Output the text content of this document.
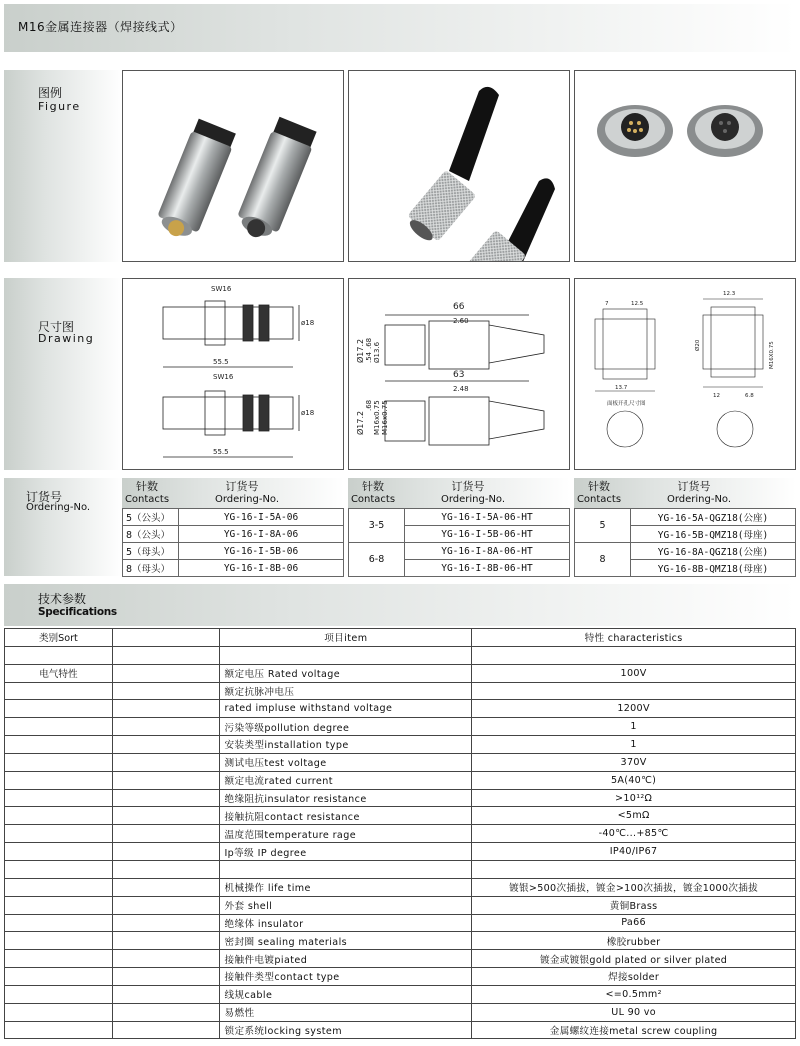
M16金属连接器（焊接线式）
图例
Figure
尺寸图
Drawing
SW16
55.5
ø18
SW16
55.5
ø18
66
2.60
63
2.48
Ø17.2 .68 Ø13.6
.54
M16x0.75
Ø17.2
.68 M16x0.75
12.3
7	12.5
13.7
12	6.8
M16X0.75
面板开孔尺寸图
Ø20
订货号
Ordering-No.
针数
Contacts
订货号
Ordering-No.
5（公头）	YG-16-I-5A-06
8（公头）	YG-16-I-8A-06
5（母头）	YG-16-I-5B-06
8（母头）	YG-16-I-8B-06
针数
Contacts
订货号
Ordering-No.
3-5	YG-16-I-5A-06-HT
	YG-16-I-5B-06-HT
6-8	YG-16-I-8A-06-HT
	YG-16-I-8B-06-HT
针数
Contacts
订货号
Ordering-No.
5	YG-16-5A-QGZ18(公座)
	YG-16-5B-QMZ18(母座)
8	YG-16-8A-QGZ18(公座)
	YG-16-8B-QMZ18(母座)
技术参数
Specifications
类别Sort		项目item	特性 characteristics

电气特性		额定电压 Rated voltage	100V
		额定抗脉冲电压	
		rated impluse withstand voltage	1200V
		污染等级pollution degree	1
		安装类型installation type	1
		测试电压test voltage	370V
		额定电流rated current	5A(40℃)
		绝缘阻抗insulator resistance	>10¹²Ω
		接触抗阻contact resistance	<5mΩ
		温度范围temperature rage	-40℃...+85℃
		Ip等级 IP degree	IP40/IP67

		机械操作 life time	镀银>500次插拔，镀金>100次插拔，镀金1000次插拔
		外套 shell	黄铜Brass
		绝缘体 insulator	Pa66
		密封圈 sealing materials	橡胶rubber
		接触件电镀piated	镀金或镀银gold plated or silver plated
		接触件类型contact type	焊接solder
		线规cable	<=0.5mm²
		易燃性	UL 90 vo
		锁定系统locking system	金属螺纹连接metal screw coupling
